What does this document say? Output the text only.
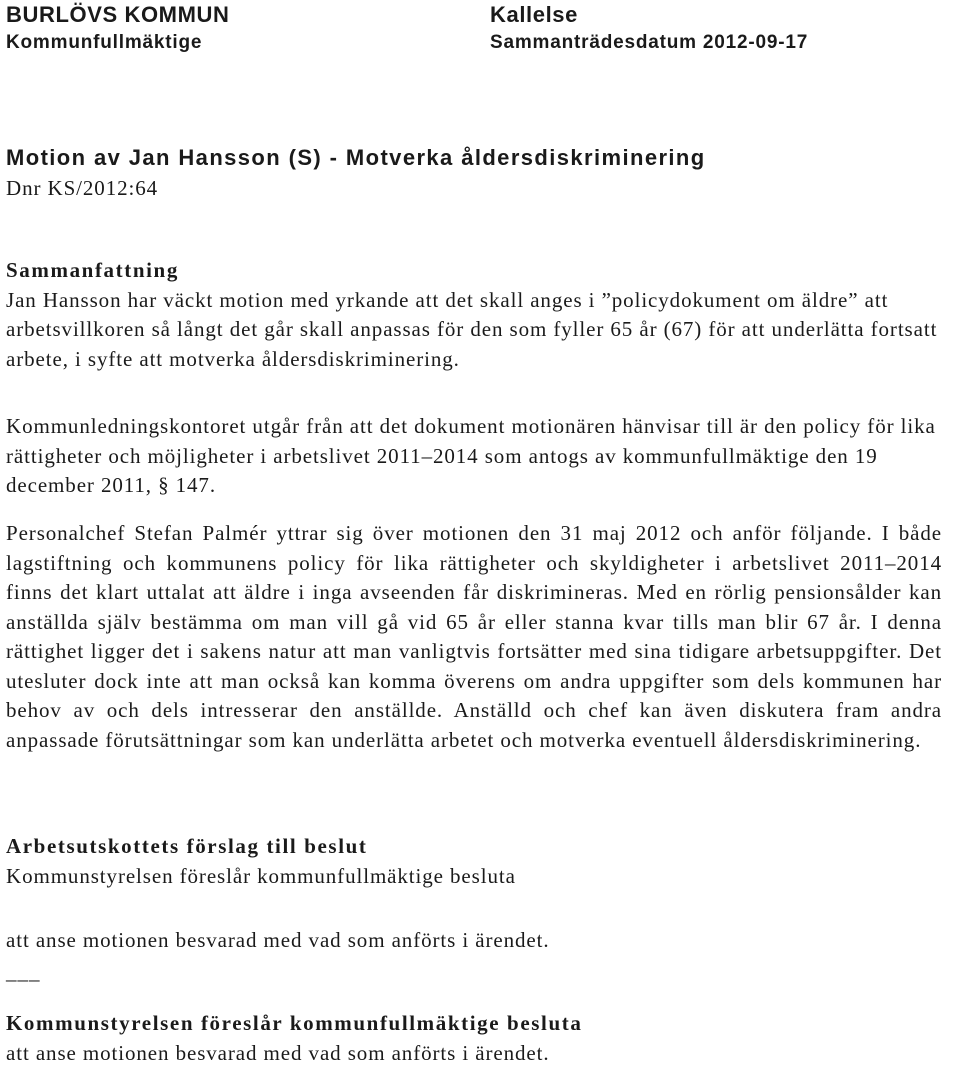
BURLÖVS KOMMUN
Kommunfullmäktige
Kallelse
Sammanträdesdatum 2012-09-17
Motion av Jan Hansson (S) - Motverka åldersdiskriminering
Dnr KS/2012:64
Sammanfattning

Jan Hansson har väckt motion med yrkande att det skall anges i ”policydokument om äldre” att arbetsvillkoren så långt det går skall anpassas för den som fyller 65 år (67) för att underlätta fortsatt arbete, i syfte att motverka åldersdiskriminering.

Kommunledningskontoret utgår från att det dokument motionären hänvisar till är den policy för lika rättigheter och möjligheter i arbetslivet 2011–2014 som antogs av kommunfullmäktige den 19 december 2011, § 147.

Personalchef Stefan Palmér yttrar sig över motionen den 31 maj 2012 och anför följande. I både lagstiftning och kommunens policy för lika rättigheter och skyldigheter i arbetslivet 2011–2014 finns det klart uttalat att äldre i inga avseenden får diskrimineras. Med en rörlig pensionsålder kan anställda själv bestämma om man vill gå vid 65 år eller stanna kvar tills man blir 67 år. I denna rättighet ligger det i sakens natur att man vanligtvis fortsätter med sina tidigare arbetsuppgifter. Det utesluter dock inte att man också kan komma överens om andra uppgifter som dels kommunen har behov av och dels intresserar den anställde. Anställd och chef kan även diskutera fram andra anpassade förutsättningar som kan underlätta arbetet och motverka eventuell åldersdiskriminering.

Arbetsutskottets förslag till beslut

Kommunstyrelsen föreslår kommunfullmäktige besluta

att anse motionen besvarad med vad som anförts i ärendet.

___
Kommunstyrelsen föreslår kommunfullmäktige besluta

att anse motionen besvarad med vad som anförts i ärendet.
